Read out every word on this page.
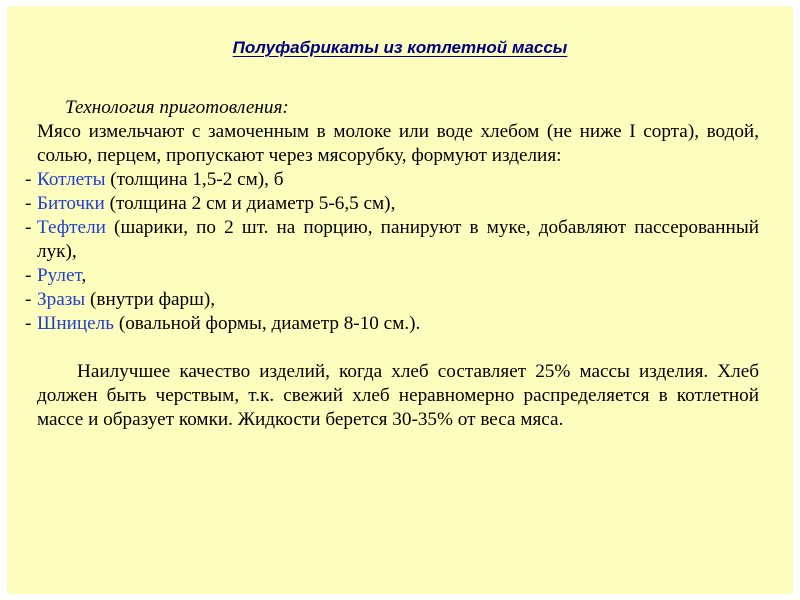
Полуфабрикаты из котлетной массы

Технология приготовления:

Мясо измельчают с замоченным в молоке или воде хлебом (не ниже I сорта), водой, солью, перцем, пропускают через мясорубку, формуют изделия:

- Котлеты (толщина 1,5-2 см), б
- Биточки (толщина 2 см и диаметр 5-6,5 см),
- Тефтели (шарики, по 2 шт. на порцию, панируют в муке, добавляют пассерованный лук),
- Рулет,
- Зразы (внутри фарш),
- Шницель (овальной формы, диаметр 8-10 см.).

Наилучшее качество изделий, когда хлеб составляет 25% массы изделия. Хлеб должен быть черствым, т.к. свежий хлеб неравномерно распределяется в котлетной массе и образует комки. Жидкости берется 30-35% от веса мяса.
